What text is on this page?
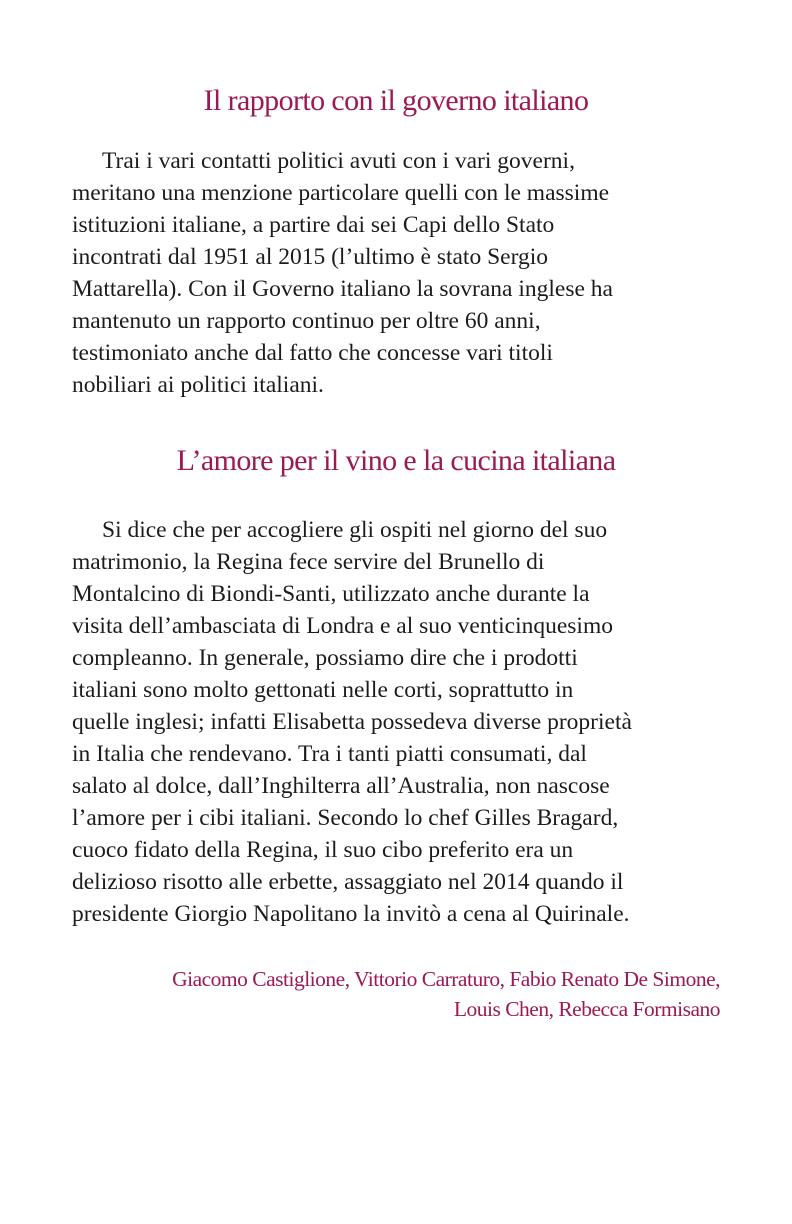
Il rapporto con il governo italiano
Trai i vari contatti politici avuti con i vari governi,
meritano una menzione particolare quelli con le massime
istituzioni italiane, a partire dai sei Capi dello Stato
incontrati dal 1951 al 2015 (l’ultimo è stato Sergio
Mattarella). Con il Governo italiano la sovrana inglese ha
mantenuto un rapporto continuo per oltre 60 anni,
testimoniato anche dal fatto che concesse vari titoli
nobiliari ai politici italiani.
L’amore per il vino e la cucina italiana
Si dice che per accogliere gli ospiti nel giorno del suo
matrimonio, la Regina fece servire del Brunello di
Montalcino di Biondi-Santi, utilizzato anche durante la
visita dell’ambasciata di Londra e al suo venticinquesimo
compleanno. In generale, possiamo dire che i prodotti
italiani sono molto gettonati nelle corti, soprattutto in
quelle inglesi; infatti Elisabetta possedeva diverse proprietà
in Italia che rendevano. Tra i tanti piatti consumati, dal
salato al dolce, dall’Inghilterra all’Australia, non nascose
l’amore per i cibi italiani. Secondo lo chef Gilles Bragard,
cuoco fidato della Regina, il suo cibo preferito era un
delizioso risotto alle erbette, assaggiato nel 2014 quando il
presidente Giorgio Napolitano la invitò a cena al Quirinale.
Giacomo Castiglione, Vittorio Carraturo, Fabio Renato De Simone,
Louis Chen, Rebecca Formisano
